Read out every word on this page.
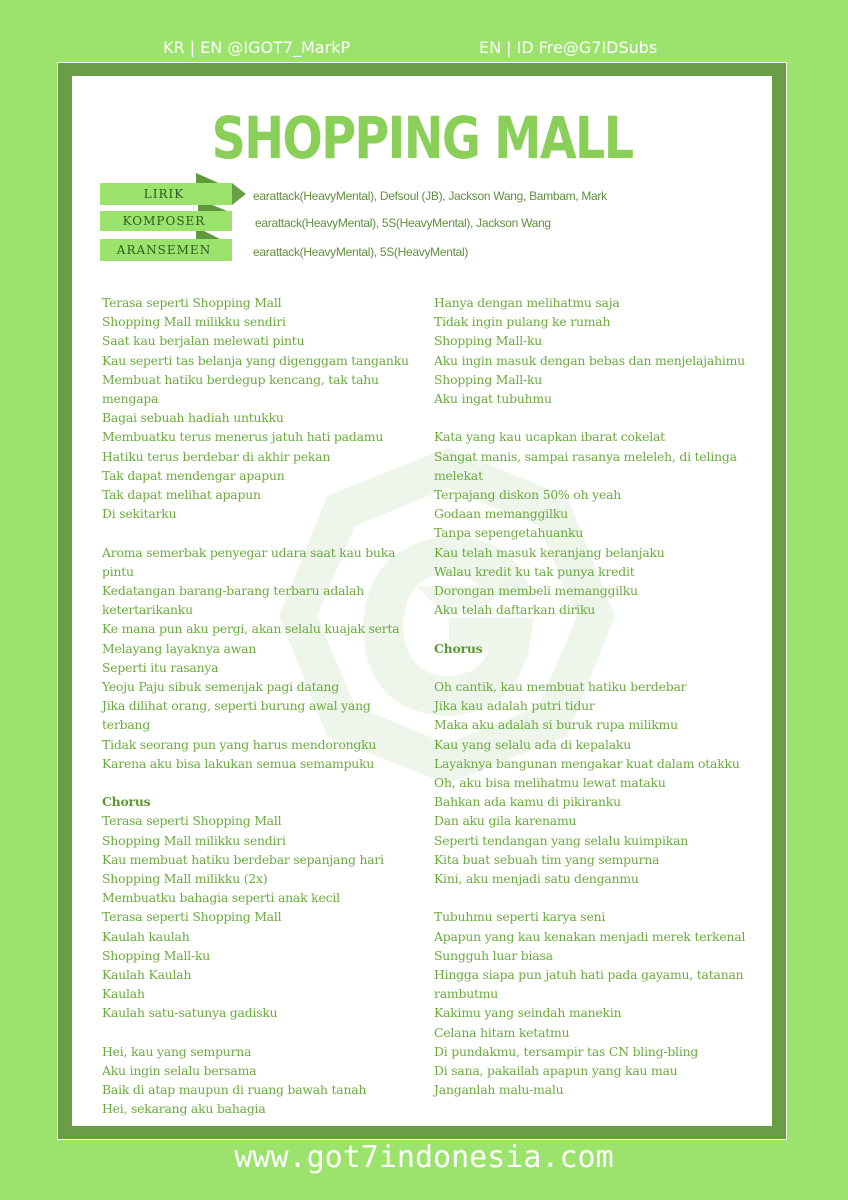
KR | EN @IGOT7_MarkP	EN | ID Fre@G7IDSubs
SHOPPING MALL
LIRIK
KOMPOSER
ARANSEMEN
earattack(HeavyMental), Defsoul (JB), Jackson Wang, Bambam, Mark
earattack(HeavyMental), 5S(HeavyMental), Jackson Wang
earattack(HeavyMental), 5S(HeavyMental)
Terasa seperti Shopping Mall
Shopping Mall milikku sendiri
Saat kau berjalan melewati pintu
Kau seperti tas belanja yang digenggam tanganku
Membuat hatiku berdegup kencang, tak tahu mengapa
Bagai sebuah hadiah untukku
Membuatku terus menerus jatuh hati padamu
Hatiku terus berdebar di akhir pekan
Tak dapat mendengar apapun
Tak dapat melihat apapun
Di sekitarku
Aroma semerbak penyegar udara saat kau buka pintu
Kedatangan barang-barang terbaru adalah ketertarikanku
Ke mana pun aku pergi, akan selalu kuajak serta
Melayang layaknya awan
Seperti itu rasanya
Yeoju Paju sibuk semenjak pagi datang
Jika dilihat orang, seperti burung awal yang terbang
Tidak seorang pun yang harus mendorongku
Karena aku bisa lakukan semua semampuku
Chorus
Terasa seperti Shopping Mall
Shopping Mall milikku sendiri
Kau membuat hatiku berdebar sepanjang hari
Shopping Mall milikku (2x)
Membuatku bahagia seperti anak kecil
Terasa seperti Shopping Mall
Kaulah kaulah
Shopping Mall-ku
Kaulah Kaulah
Kaulah
Kaulah satu-satunya gadisku
Hei, kau yang sempurna
Aku ingin selalu bersama
Baik di atap maupun di ruang bawah tanah
Hei, sekarang aku bahagia
Hanya dengan melihatmu saja
Tidak ingin pulang ke rumah
Shopping Mall-ku
Aku ingin masuk dengan bebas dan menjelajahimu
Shopping Mall-ku
Aku ingat tubuhmu
Kata yang kau ucapkan ibarat cokelat
Sangat manis, sampai rasanya meleleh, di telinga melekat
Terpajang diskon 50% oh yeah
Godaan memanggilku
Tanpa sepengetahuanku
Kau telah masuk keranjang belanjaku
Walau kredit ku tak punya kredit
Dorongan membeli memanggilku
Aku telah daftarkan diriku
Chorus
Oh cantik, kau membuat hatiku berdebar
Jika kau adalah putri tidur
Maka aku adalah si buruk rupa milikmu
Kau yang selalu ada di kepalaku
Layaknya bangunan mengakar kuat dalam otakku
Oh, aku bisa melihatmu lewat mataku
Bahkan ada kamu di pikiranku
Dan aku gila karenamu
Seperti tendangan yang selalu kuimpikan
Kita buat sebuah tim yang sempurna
Kini, aku menjadi satu denganmu
Tubuhmu seperti karya seni
Apapun yang kau kenakan menjadi merek terkenal
Sungguh luar biasa
Hingga siapa pun jatuh hati pada gayamu, tatanan rambutmu
Kakimu yang seindah manekin
Celana hitam ketatmu
Di pundakmu, tersampir tas CN bling-bling
Di sana, pakailah apapun yang kau mau
Janganlah malu-malu
www.got7indonesia.com
